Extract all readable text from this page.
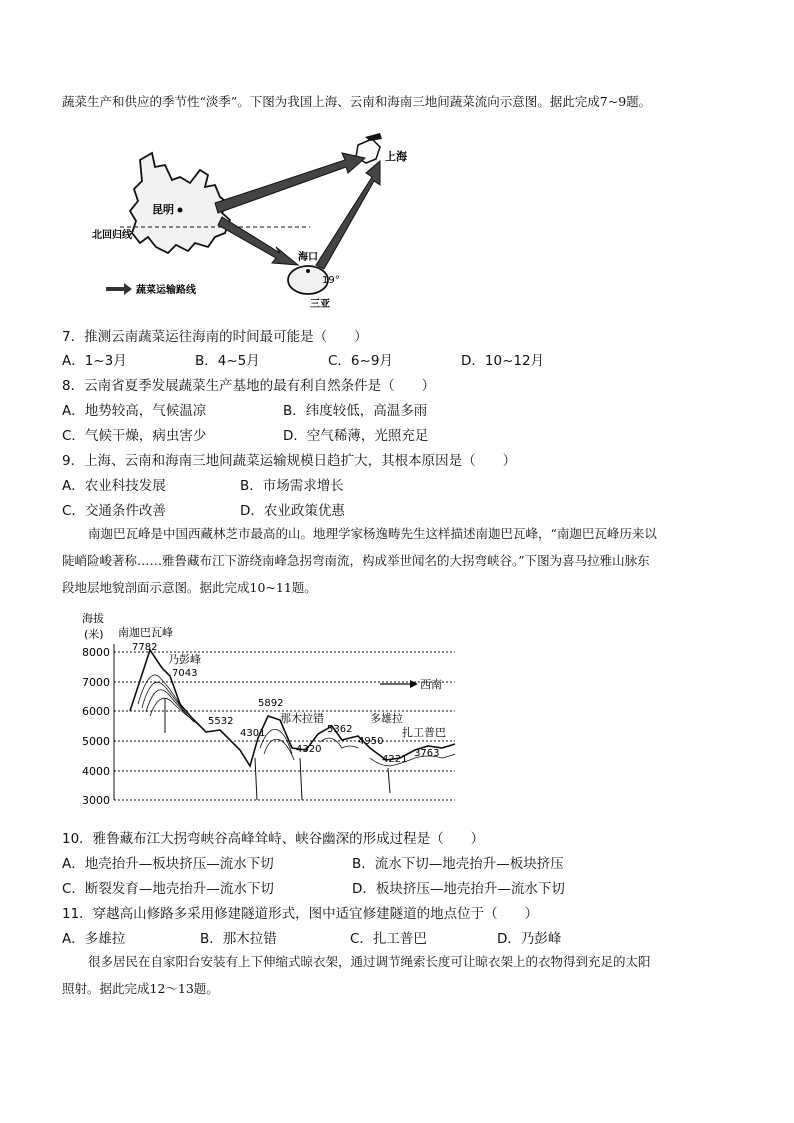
蔬菜生产和供应的季节性“淡季”。下图为我国上海、云南和海南三地间蔬菜流向示意图。据此完成7~9题。
昆明
北回归线
上海
海口
19°
三亚
蔬菜运输路线
7．推测云南蔬菜运往海南的时间最可能是（　　）
A．1~3月	B．4~5月	C．6~9月	D．10~12月
8．云南省夏季发展蔬菜生产基地的最有利自然条件是（　　）
A．地势较高，气候温凉	B．纬度较低，高温多雨
C．气候干燥，病虫害少	D．空气稀薄，光照充足
9．上海、云南和海南三地间蔬菜运输规模日趋扩大，其根本原因是（　　）
A．农业科技发展	B．市场需求增长
C．交通条件改善	D．农业政策优惠
南迦巴瓦峰是中国西藏林芝市最高的山。地理学家杨逸畴先生这样描述南迦巴瓦峰，“南迦巴瓦峰历来以
陡峭险峻著称……雅鲁藏布江下游绕南峰急拐弯南流，构成举世闻名的大拐弯峡谷。”下图为喜马拉雅山脉东
段地层地貌剖面示意图。据此完成10~11题。
海拔
(米)
8000
7000
6000
5000
4000
3000
南迦巴瓦峰
7782
乃彭峰
7043
5892
5532
4301
那木拉错
4320
5362
多雄拉
4950
扎工普巴
4221
3763
西南
10．雅鲁藏布江大拐弯峡谷高峰耸峙、峡谷幽深的形成过程是（　　）
A．地壳抬升—板块挤压—流水下切	B．流水下切—地壳抬升—板块挤压
C．断裂发育—地壳抬升—流水下切	D．板块挤压—地壳抬升—流水下切
11．穿越高山修路多采用修建隧道形式，图中适宜修建隧道的地点位于（　　）
A．多雄拉	B．那木拉错	C．扎工普巴	D．乃彭峰
很多居民在自家阳台安装有上下伸缩式晾衣架，通过调节绳索长度可让晾衣架上的衣物得到充足的太阳
照射。据此完成12～13题。
